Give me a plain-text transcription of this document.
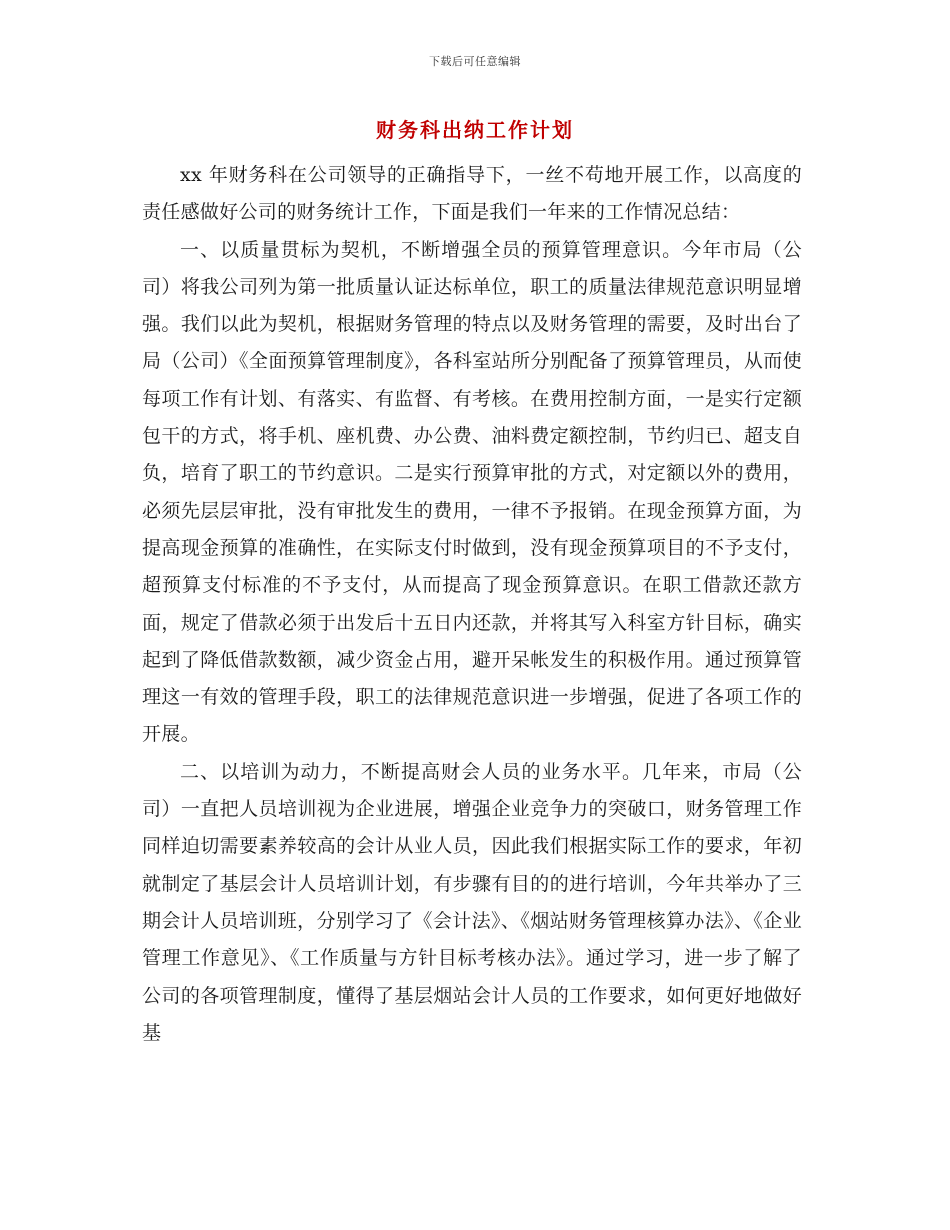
下载后可任意编辑
财务科出纳工作计划

xx 年财务科在公司领导的正确指导下，一丝不苟地开展工作，以高度的责任感做好公司的财务统计工作，下面是我们一年来的工作情况总结：

一、以质量贯标为契机，不断增强全员的预算管理意识。今年市局（公司）将我公司列为第一批质量认证达标单位，职工的质量法律规范意识明显增强。我们以此为契机，根据财务管理的特点以及财务管理的需要，及时出台了局（公司）《全面预算管理制度》，各科室站所分别配备了预算管理员，从而使每项工作有计划、有落实、有监督、有考核。在费用控制方面，一是实行定额包干的方式，将手机、座机费、办公费、油料费定额控制，节约归已、超支自负，培育了职工的节约意识。二是实行预算审批的方式，对定额以外的费用，必须先层层审批，没有审批发生的费用，一律不予报销。在现金预算方面，为提高现金预算的准确性，在实际支付时做到，没有现金预算项目的不予支付，超预算支付标准的不予支付，从而提高了现金预算意识。在职工借款还款方面，规定了借款必须于出发后十五日内还款，并将其写入科室方针目标，确实起到了降低借款数额，减少资金占用，避开呆帐发生的积极作用。通过预算管理这一有效的管理手段，职工的法律规范意识进一步增强，促进了各项工作的开展。

二、以培训为动力，不断提高财会人员的业务水平。几年来，市局（公司）一直把人员培训视为企业进展，增强企业竞争力的突破口，财务管理工作同样迫切需要素养较高的会计从业人员，因此我们根据实际工作的要求，年初就制定了基层会计人员培训计划，有步骤有目的的进行培训，今年共举办了三期会计人员培训班，分别学习了《会计法》、《烟站财务管理核算办法》、《企业管理工作意见》、《工作质量与方针目标考核办法》。通过学习，进一步了解了公司的各项管理制度，懂得了基层烟站会计人员的工作要求，如何更好地做好基
